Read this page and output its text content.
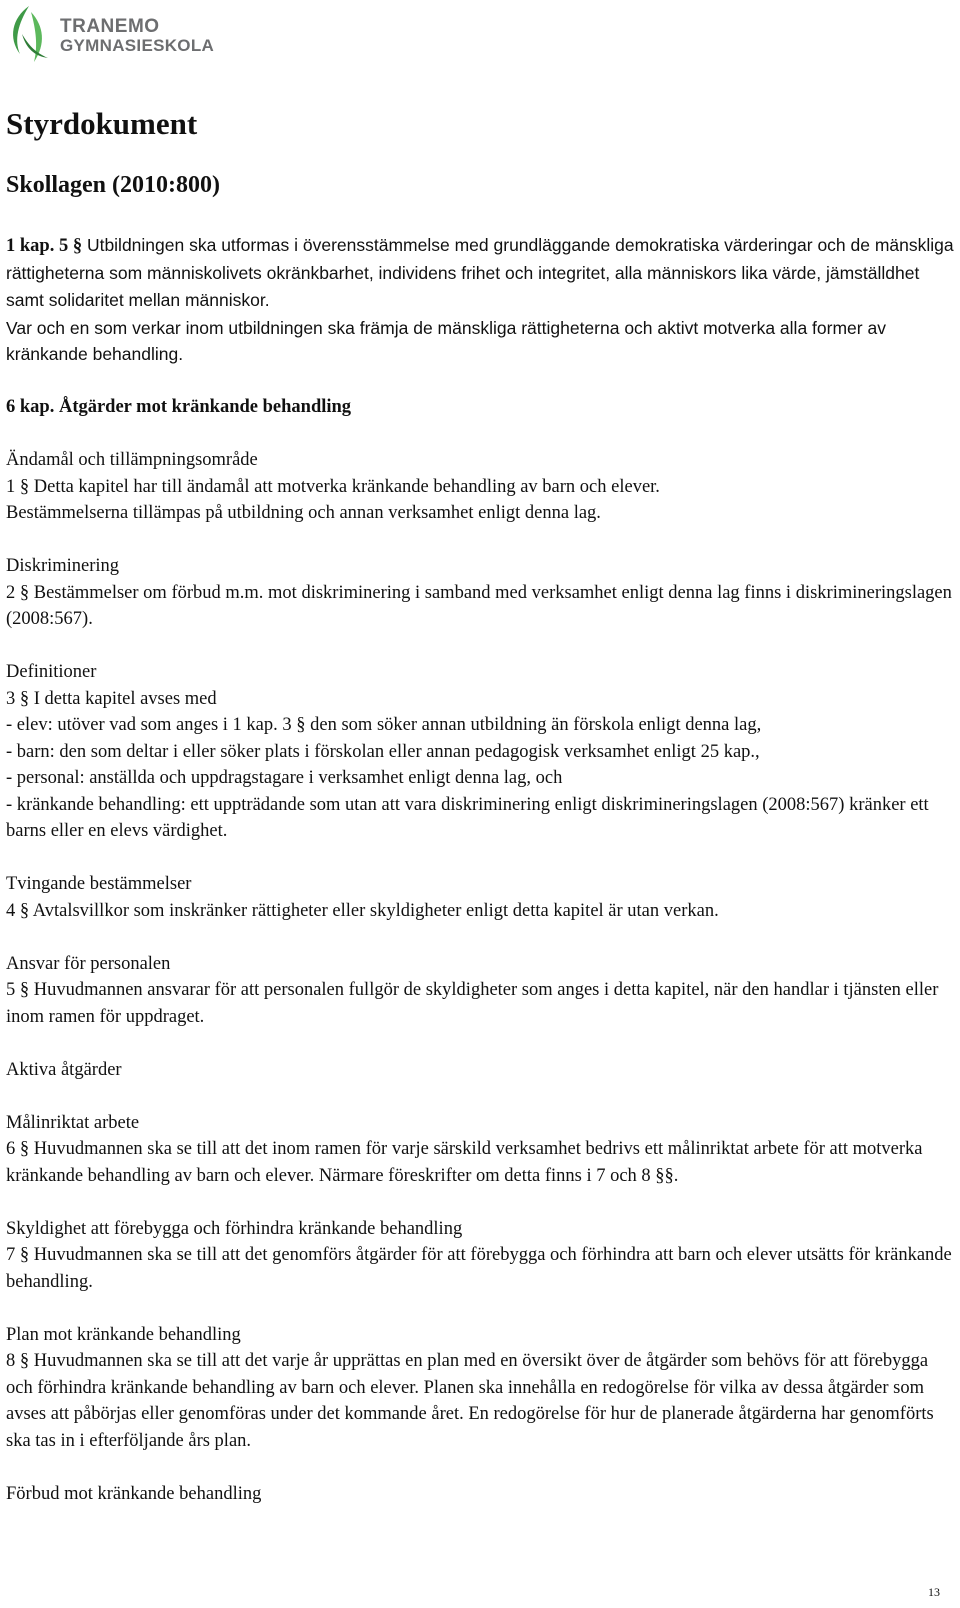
TRANEMO
GYMNASIESKOLA
Styrdokument
Skollagen (2010:800)

1 kap. 5 § Utbildningen ska utformas i överensstämmelse med grundläggande demokratiska värderingar och de mänskliga rättigheterna som människolivets okränkbarhet, individens frihet och integritet, alla människors lika värde, jämställdhet samt solidaritet mellan människor.

Var och en som verkar inom utbildningen ska främja de mänskliga rättigheterna och aktivt motverka alla former av kränkande behandling.

6 kap. Åtgärder mot kränkande behandling

Ändamål och tillämpningsområde

1 § Detta kapitel har till ändamål att motverka kränkande behandling av barn och elever.

Bestämmelserna tillämpas på utbildning och annan verksamhet enligt denna lag.

Diskriminering

2 § Bestämmelser om förbud m.m. mot diskriminering i samband med verksamhet enligt denna lag finns i diskrimineringslagen (2008:567).

Definitioner

3 § I detta kapitel avses med

- elev: utöver vad som anges i 1 kap. 3 § den som söker annan utbildning än förskola enligt denna lag,

- barn: den som deltar i eller söker plats i förskolan eller annan pedagogisk verksamhet enligt 25 kap.,

- personal: anställda och uppdragstagare i verksamhet enligt denna lag, och

- kränkande behandling: ett uppträdande som utan att vara diskriminering enligt diskrimineringslagen (2008:567) kränker ett barns eller en elevs värdighet.

Tvingande bestämmelser

4 § Avtalsvillkor som inskränker rättigheter eller skyldigheter enligt detta kapitel är utan verkan.

Ansvar för personalen

5 § Huvudmannen ansvarar för att personalen fullgör de skyldigheter som anges i detta kapitel, när den handlar i tjänsten eller inom ramen för uppdraget.

Aktiva åtgärder

Målinriktat arbete

6 § Huvudmannen ska se till att det inom ramen för varje särskild verksamhet bedrivs ett målinriktat arbete för att motverka kränkande behandling av barn och elever. Närmare föreskrifter om detta finns i 7 och 8 §§.

Skyldighet att förebygga och förhindra kränkande behandling

7 § Huvudmannen ska se till att det genomförs åtgärder för att förebygga och förhindra att barn och elever utsätts för kränkande behandling.

Plan mot kränkande behandling

8 § Huvudmannen ska se till att det varje år upprättas en plan med en översikt över de åtgärder som behövs för att förebygga och förhindra kränkande behandling av barn och elever. Planen ska innehålla en redogörelse för vilka av dessa åtgärder som avses att påbörjas eller genomföras under det kommande året. En redogörelse för hur de planerade åtgärderna har genomförts ska tas in i efterföljande års plan.

Förbud mot kränkande behandling

13
